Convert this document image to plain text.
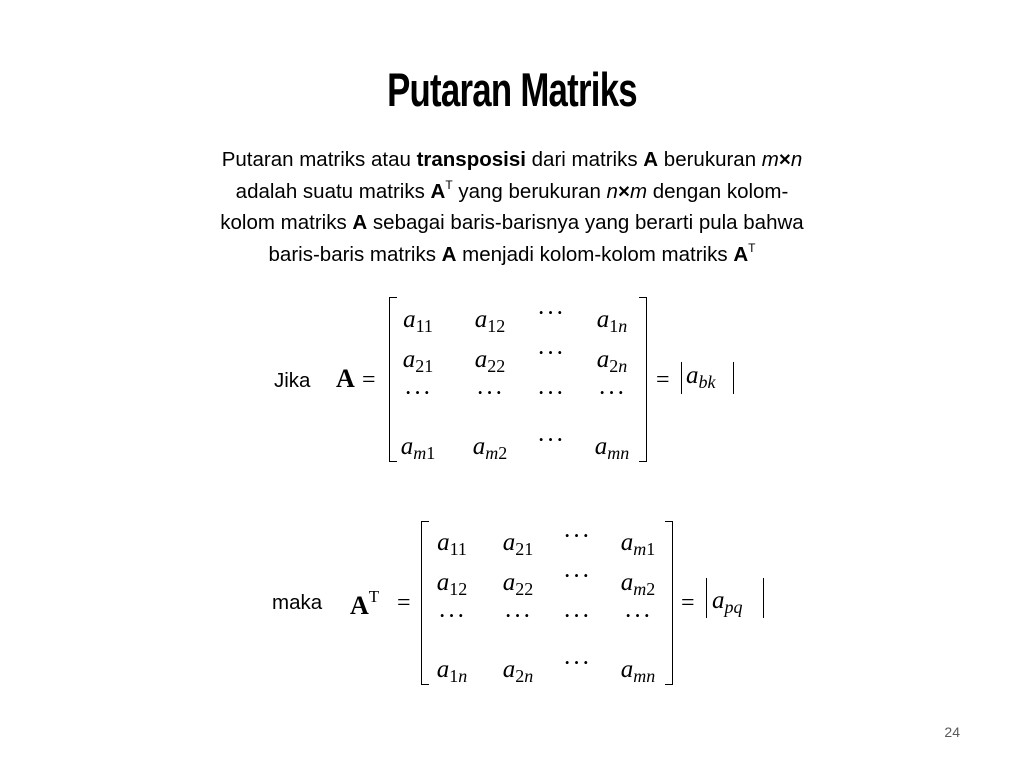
Putaran Matriks
Putaran matriks atau transposisi dari matriks A berukuran m×n
adalah suatu matriks $A^T$ yang berukuran n×m dengan kolom-
kolom matriks A sebagai baris-barisnya yang berarti pula bahwa
baris-baris matriks A menjadi kolom-kolom matriks $A^T$
Jika A =
$a_{11}$	$a_{12}$	···	$a_{1n}$
$a_{21}$	$a_{22}$	···	$a_{2n}$
···	···	···	···
$a_{m1}$	$a_{m2}$	···	$a_{mn}$
= $a_{bk}$
maka $A^T$ =
$a_{11}$	$a_{21}$	···	$a_{m1}$
$a_{12}$	$a_{22}$	···	$a_{m2}$
···	···	···	···
$a_{1n}$	$a_{2n}$	···	$a_{mn}$
= $a_{pq}$
24
